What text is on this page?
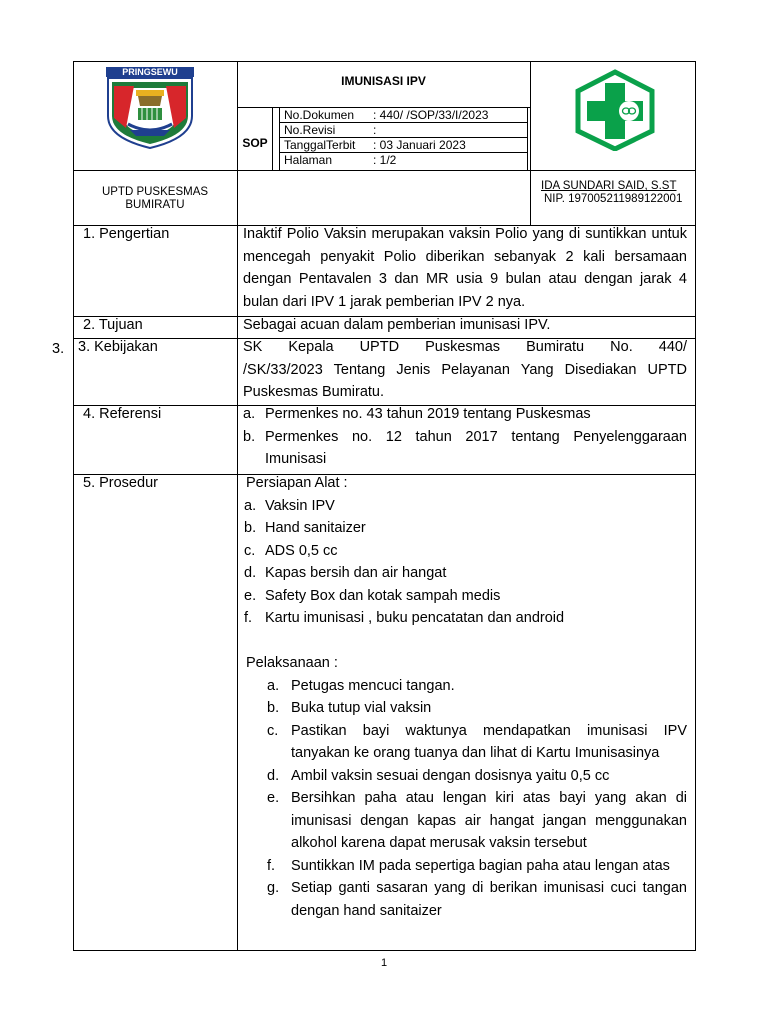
PRINGSEWU
IMUNISASI IPV
SOP
No.Dokumen : 440/ /SOP/33/I/2023
No.Revisi	:
TanggalTerbit : 03 Januari 2023
Halaman	: 1/2
UPTD PUSKESMAS
BUMIRATU
IDA SUNDARI SAID, S.ST
NIP. 197005211989122001
3.
1. Pengertian	Inaktif Polio Vaksin merupakan vaksin Polio yang di suntikkan untuk mencegah penyakit Polio diberikan sebanyak 2 kali bersamaan dengan Pentavalen 3 dan MR usia 9 bulan atau dengan jarak 4 bulan dari IPV 1 jarak pemberian IPV 2 nya.
2. Tujuan	Sebagai acuan dalam pemberian imunisasi IPV.
3. Kebijakan	SK Kepala UPTD Puskesmas Bumiratu No. 440/
/SK/33/2023 Tentang Jenis Pelayanan Yang Disediakan UPTD
Puskesmas Bumiratu.
4. Referensi	a. Permenkes no. 43 tahun 2019 tentang Puskesmas
b. Permenkes no. 12 tahun 2017 tentang Penyelenggaraan Imunisasi
5. Prosedur	Persiapan Alat :
a. Vaksin IPV
b. Hand sanitaizer
c. ADS 0,5 cc
d. Kapas bersih dan air hangat
e. Safety Box dan kotak sampah medis
f. Kartu imunisasi , buku pencatatan dan android
Pelaksanaan :
a. Petugas mencuci tangan.
b. Buka tutup vial vaksin
c. Pastikan bayi waktunya mendapatkan imunisasi IPV tanyakan ke orang tuanya dan lihat di Kartu Imunisasinya
d. Ambil vaksin sesuai dengan dosisnya yaitu 0,5 cc
e. Bersihkan paha atau lengan kiri atas bayi yang akan di imunisasi dengan kapas air hangat jangan menggunakan alkohol karena dapat merusak vaksin tersebut
f. Suntikkan IM pada sepertiga bagian paha atau lengan atas
g. Setiap ganti sasaran yang di berikan imunisasi cuci tangan dengan hand sanitaizer
1
